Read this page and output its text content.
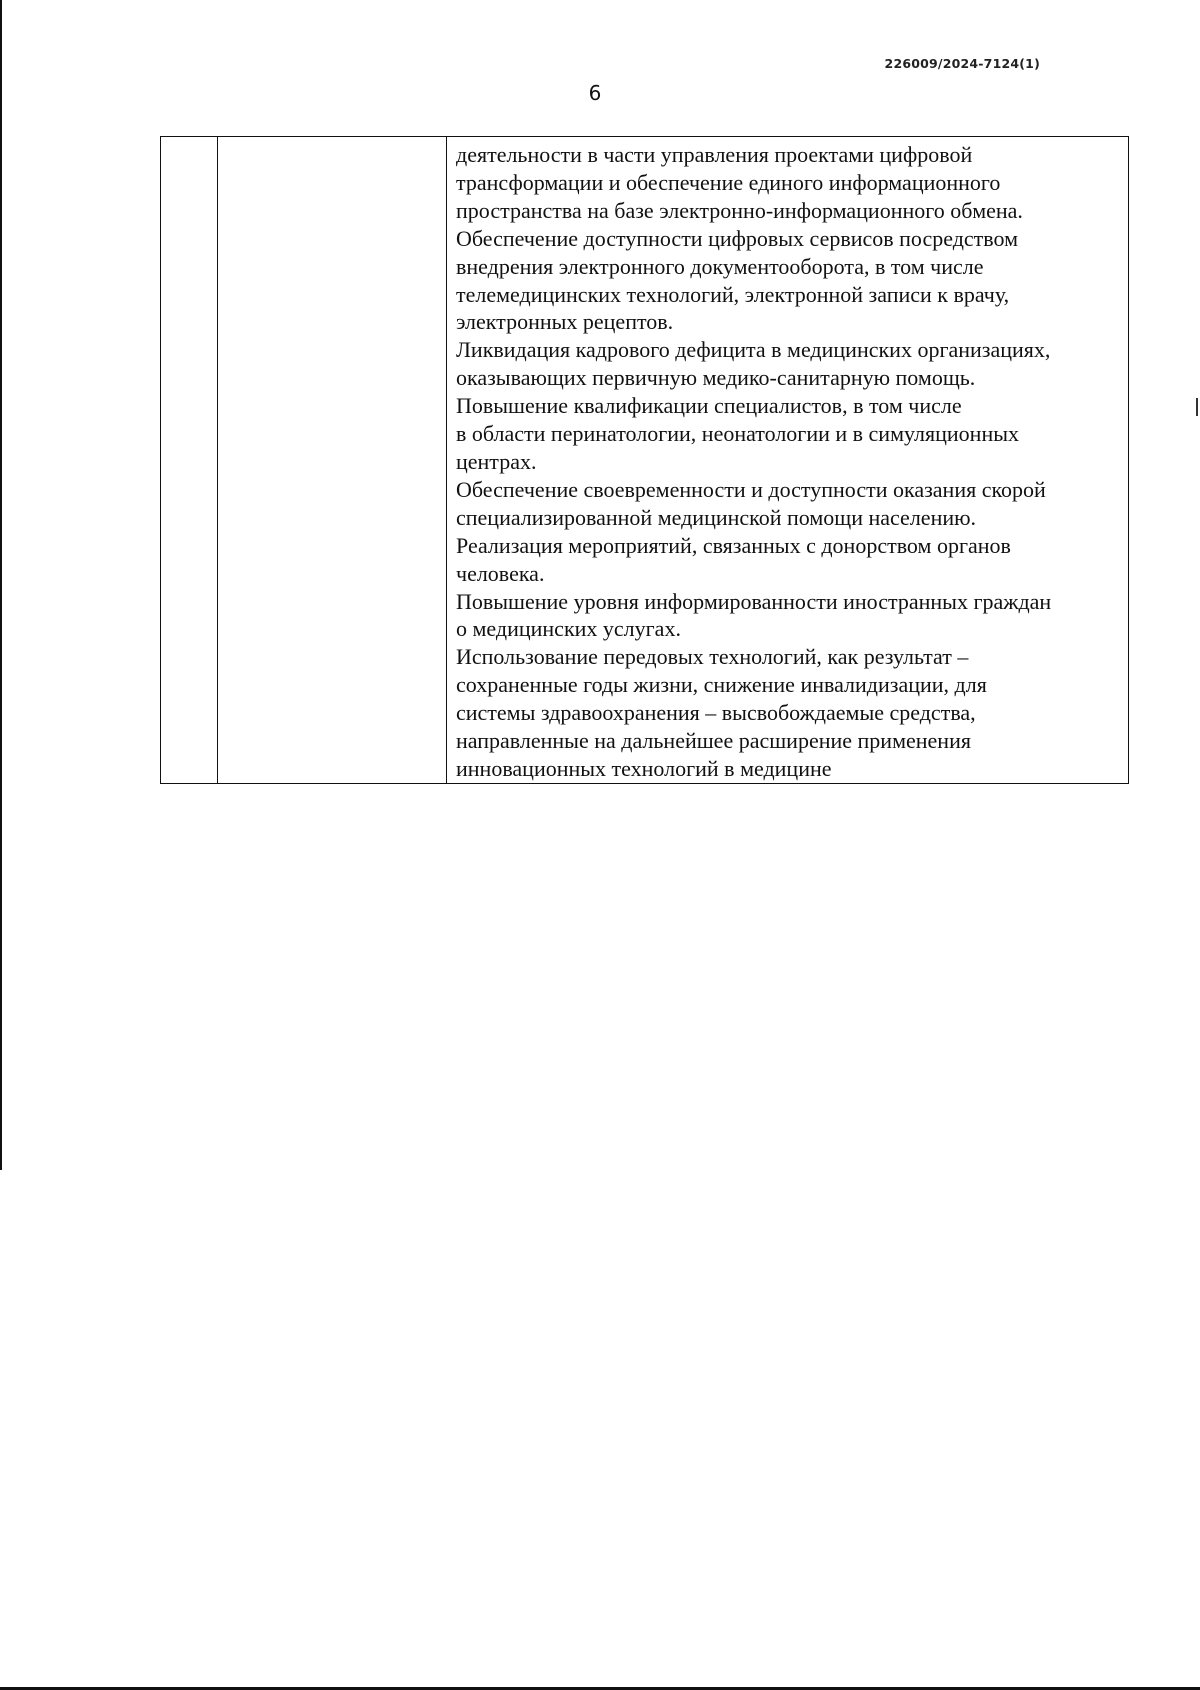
226009/2024-7124(1)
6

деятельности в части управления проектами цифровой
трансформации и обеспечение единого информационного
пространства на базе электронно-информационного обмена.
Обеспечение доступности цифровых сервисов посредством
внедрения электронного документооборота, в том числе
телемедицинских технологий, электронной записи к врачу,
электронных рецептов.
Ликвидация кадрового дефицита в медицинских организациях,
оказывающих первичную медико-санитарную помощь.
Повышение квалификации специалистов, в том числе
в области перинатологии, неонатологии и в симуляционных
центрах.
Обеспечение своевременности и доступности оказания скорой
специализированной медицинской помощи населению.
Реализация мероприятий, связанных с донорством органов
человека.
Повышение уровня информированности иностранных граждан
о медицинских услугах.
Использование передовых технологий, как результат –
сохраненные годы жизни, снижение инвалидизации, для
системы здравоохранения – высвобождаемые средства,
направленные на дальнейшее расширение применения
инновационных технологий в медицине
